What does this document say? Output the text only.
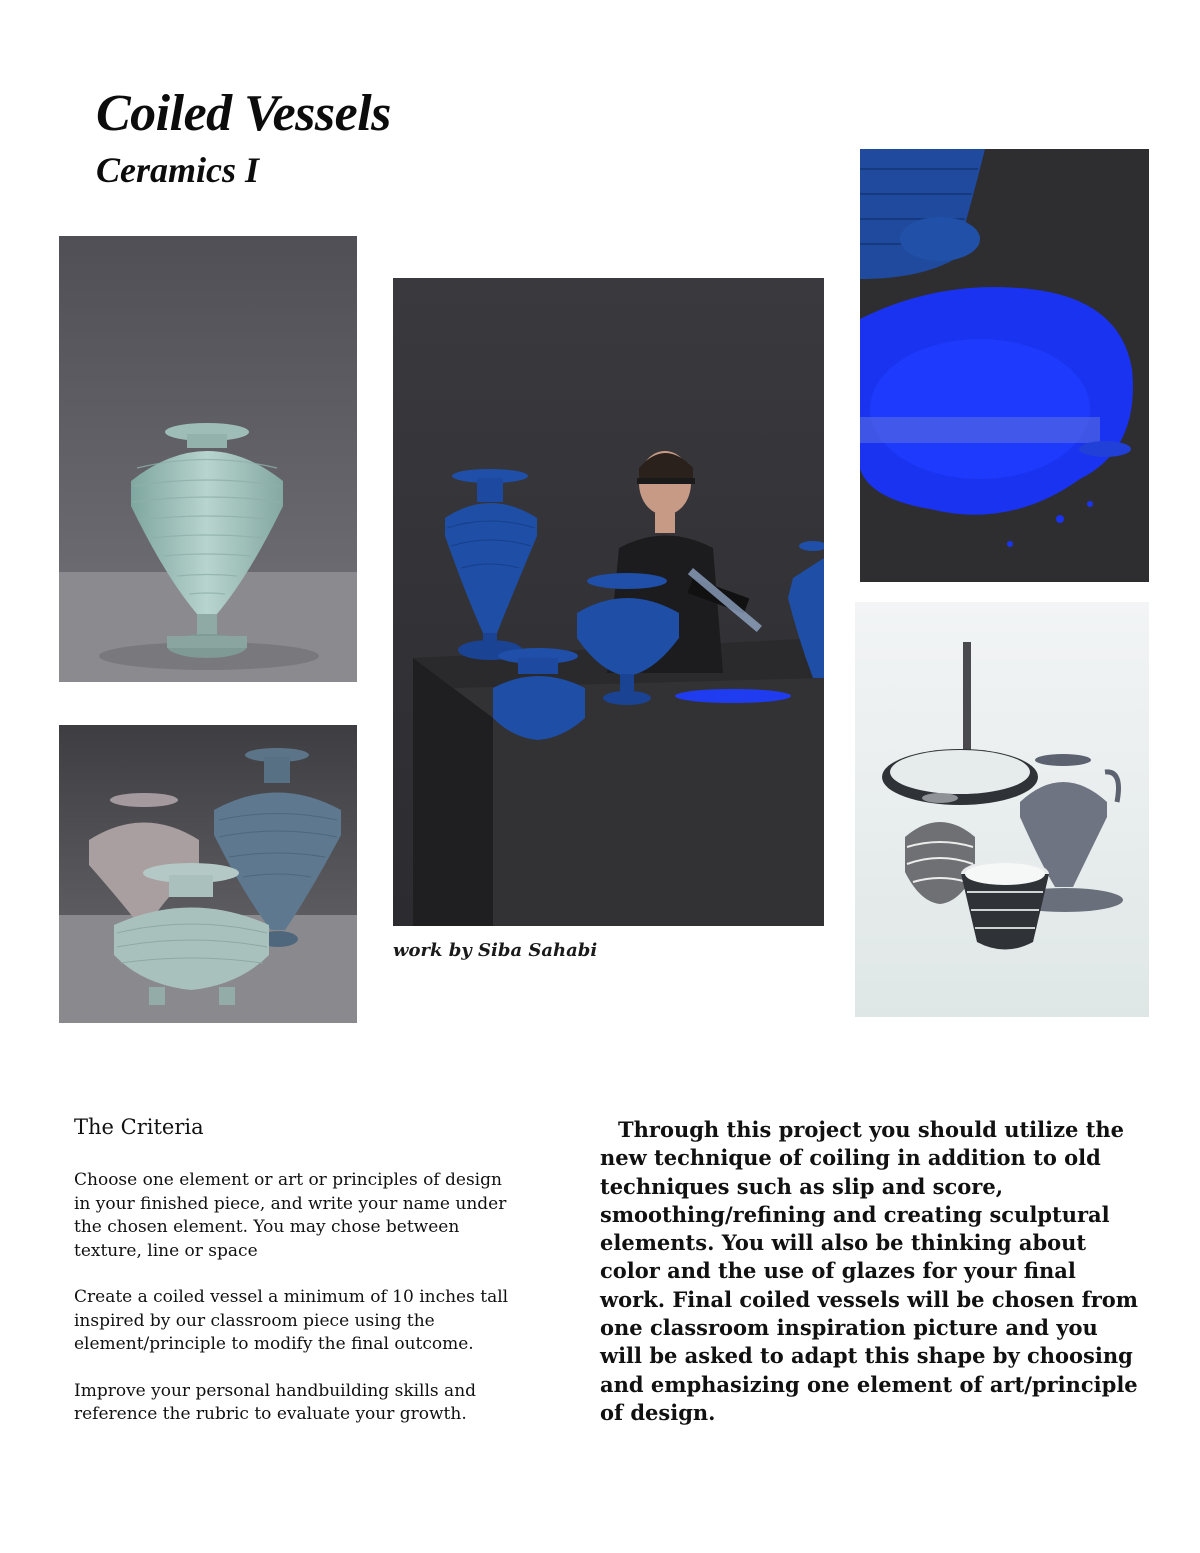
Coiled Vessels
Ceramics I
work by Siba Sahabi
The Criteria

Choose one element or art or principles of design in your finished piece, and write your name under the chosen element. You may chose between texture, line or space

Create a coiled vessel a minimum of 10 inches tall inspired by our classroom piece using the element/principle to modify the final outcome.

Improve your personal handbuilding skills and reference the rubric to evaluate your growth.

Through this project you should utilize the new technique of coiling in addition to old techniques such as slip and score, smoothing/refining and creating sculptural elements. You will also be thinking about color and the use of glazes for your final work. Final coiled vessels will be chosen from one classroom inspiration picture and you will be asked to adapt this shape by choosing and emphasizing one element of art/principle of design.
